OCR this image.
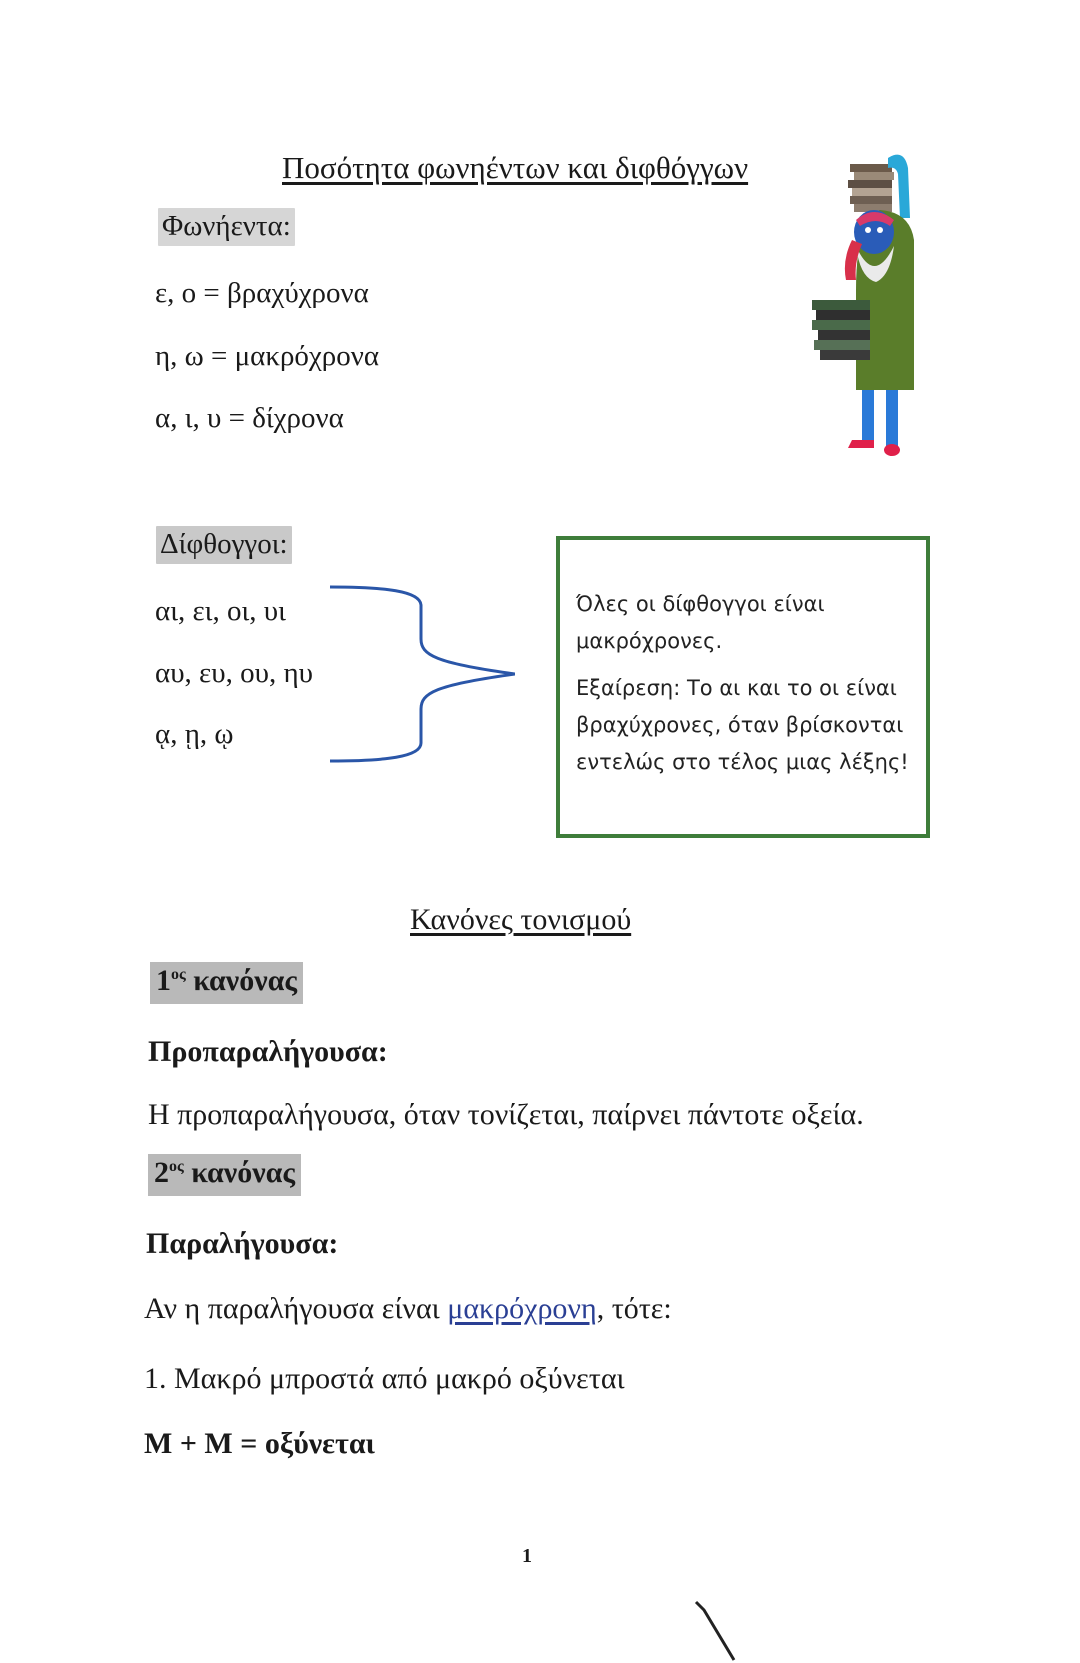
Ποσότητα φωνηέντων και διφθόγγων
Φωνήεντα:
ε, ο = βραχύχρονα
η, ω = μακρόχρονα
α, ι, υ = δίχρονα
Δίφθογγοι:
αι, ει, οι, υι
αυ, ευ, ου, ηυ
ᾳ, ῃ, ῳ

Όλες οι δίφθογγοι είναι μακρόχρονες.

Εξαίρεση: Το αι και το οι είναι βραχύχρονες, όταν βρίσκονται εντελώς στο τέλος μιας λέξης!

Κανόνες τονισμού
$1^{o\varsigma}$ κανόνας
Προπαραλήγουσα:
Η προπαραλήγουσα, όταν τονίζεται, παίρνει πάντοτε οξεία.
$2^{o\varsigma}$ κανόνας
Παραλήγουσα:
Αν η παραλήγουσα είναι μακρόχρονη, τότε:
1. Μακρό μπροστά από μακρό οξύνεται
Μ + Μ = οξύνεται
1
